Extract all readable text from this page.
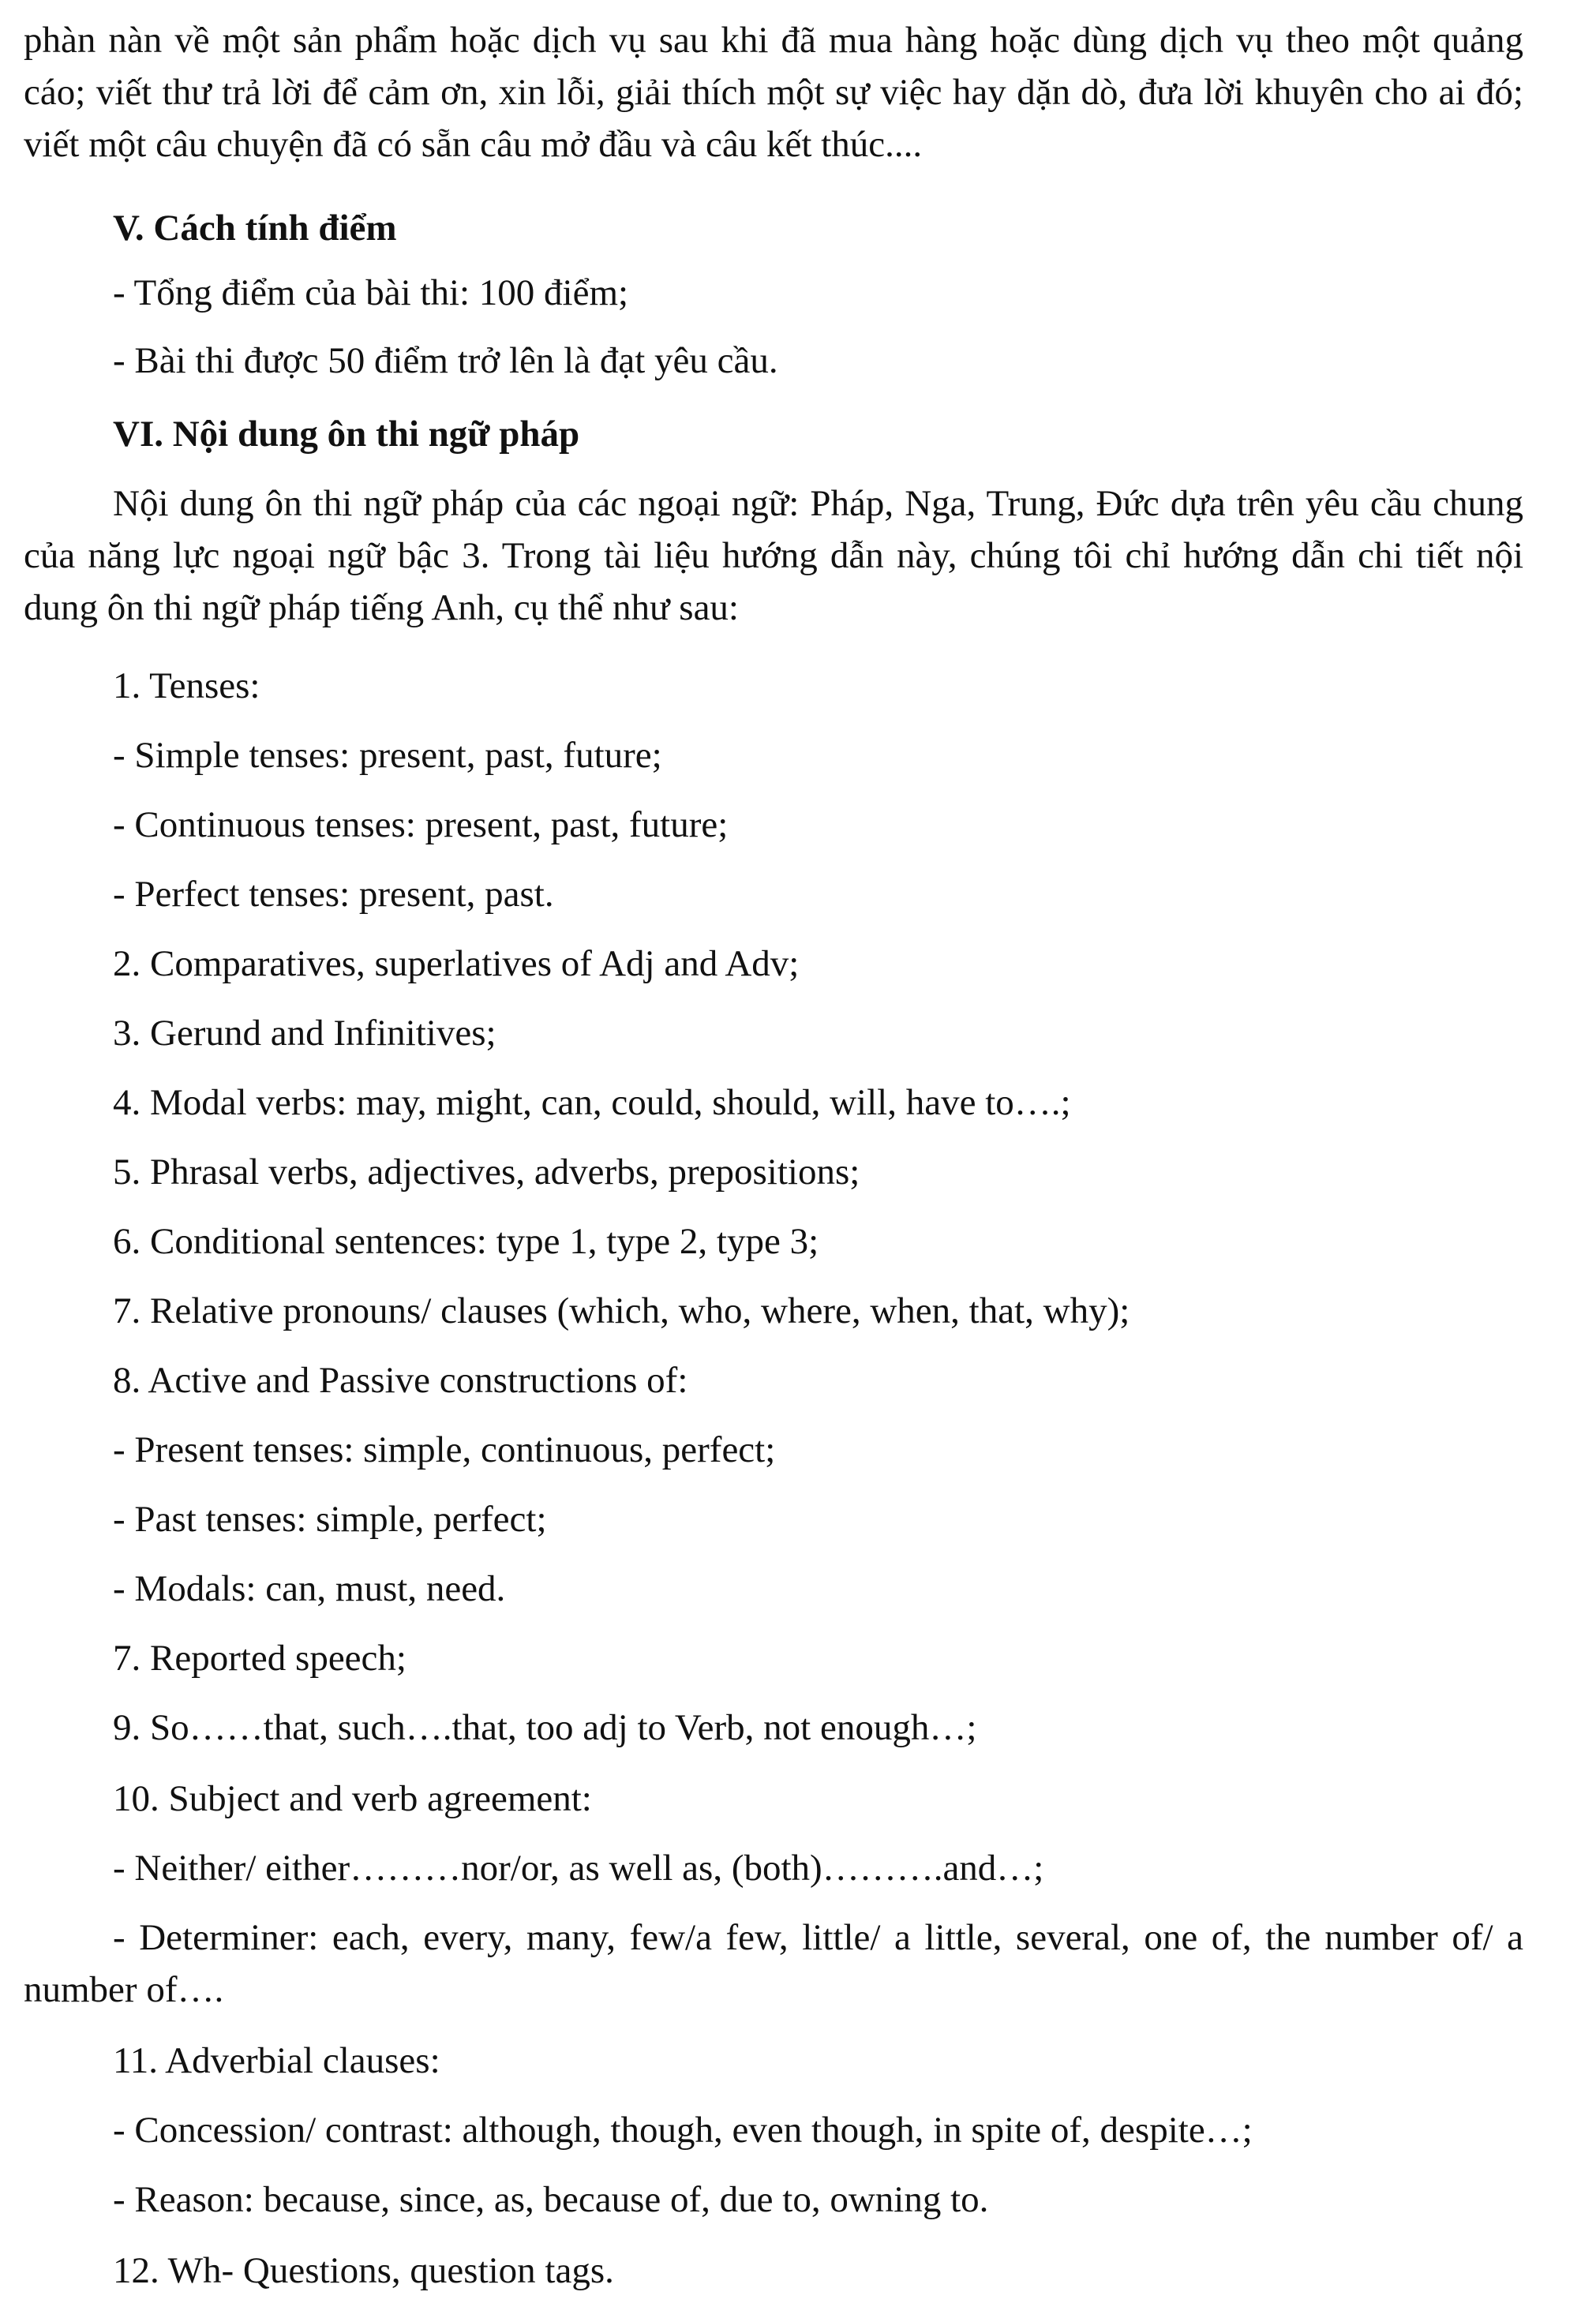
phàn nàn về một sản phẩm hoặc dịch vụ sau khi đã mua hàng hoặc dùng dịch vụ theo một quảng cáo; viết thư trả lời để cảm ơn, xin lỗi, giải thích một sự việc hay dặn dò, đưa lời khuyên cho ai đó; viết một câu chuyện đã có sẵn câu mở đầu và câu kết thúc....

V. Cách tính điểm

- Tổng điểm của bài thi: 100 điểm;

- Bài thi được 50 điểm trở lên là đạt yêu cầu.

VI. Nội dung ôn thi ngữ pháp

Nội dung ôn thi ngữ pháp của các ngoại ngữ: Pháp, Nga, Trung, Đức dựa trên yêu cầu chung của năng lực ngoại ngữ bậc 3. Trong tài liệu hướng dẫn này, chúng tôi chỉ hướng dẫn chi tiết nội dung ôn thi ngữ pháp tiếng Anh, cụ thể như sau:

1. Tenses:

- Simple tenses: present, past, future;

- Continuous tenses: present, past, future;

- Perfect tenses: present, past.

2. Comparatives, superlatives of Adj and Adv;

3. Gerund and Infinitives;

4. Modal verbs: may, might, can, could, should, will, have to….;

5. Phrasal verbs, adjectives, adverbs, prepositions;

6. Conditional sentences: type 1, type 2, type 3;

7. Relative pronouns/ clauses (which, who, where, when, that, why);

8. Active and Passive constructions of:

- Present tenses: simple, continuous, perfect;

- Past tenses: simple, perfect;

- Modals: can, must, need.

7. Reported speech;

9. So……that, such….that, too adj to Verb, not enough…;

10. Subject and verb agreement:

- Neither/ either………nor/or, as well as, (both)……….and…;

- Determiner: each, every, many, few/a few, little/ a little, several, one of, the number of/ a number of….

11. Adverbial clauses:

- Concession/ contrast: although, though, even though, in spite of, despite…;

- Reason: because, since, as, because of, due to, owning to.

12. Wh- Questions, question tags.
